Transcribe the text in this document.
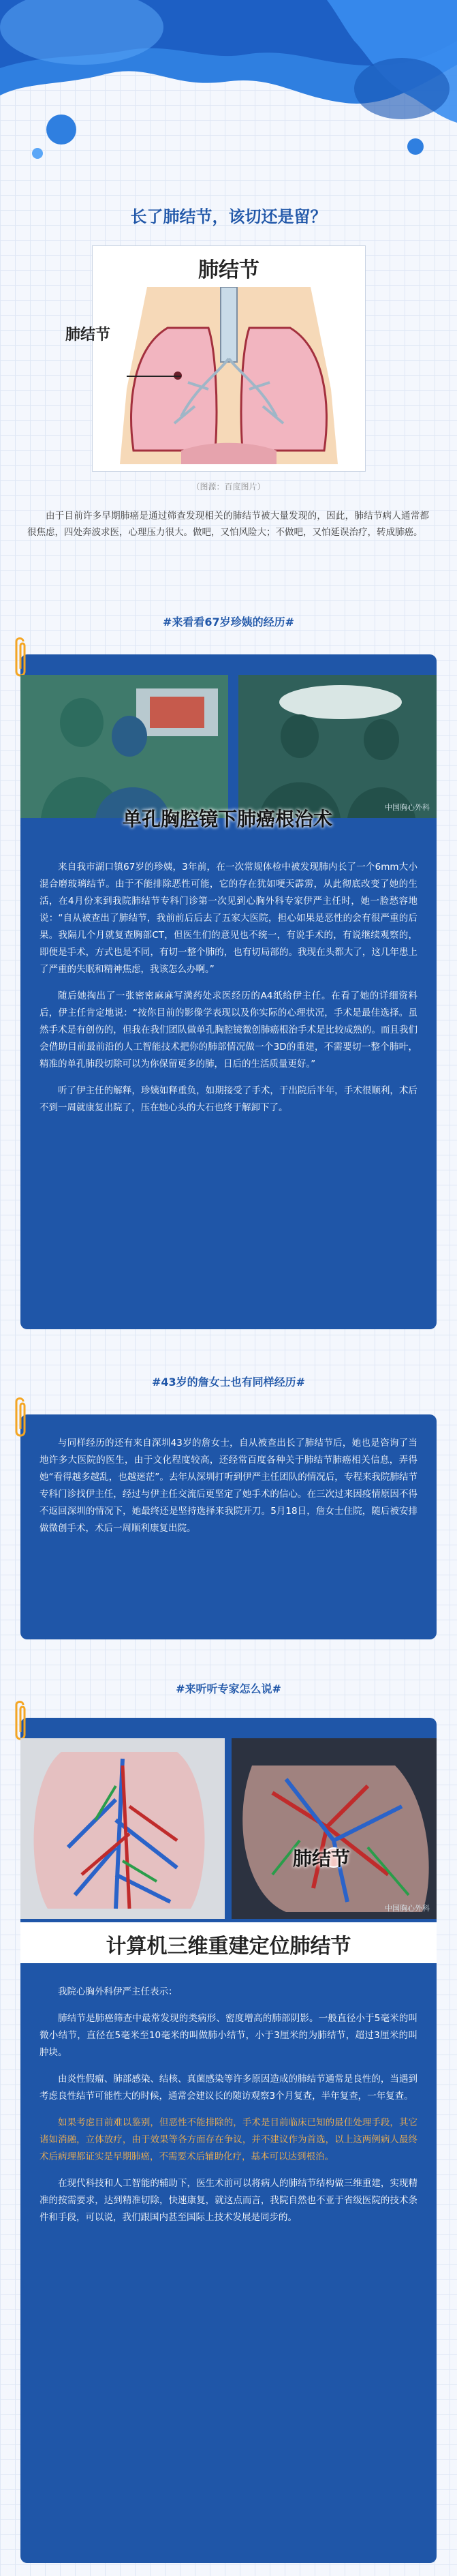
长了肺结节，该切还是留？
肺结节
肺结节
（图源：百度图片）
由于目前许多早期肺癌是通过筛查发现相关的肺结节被大量发现的，因此，肺结节病人通常都很焦虑，四处奔波求医，心理压力很大。做吧，又怕风险大；不做吧，又怕延误治疗，转成肺癌。
#来看看67岁珍姨的经历#
中国胸心外科
单孔胸腔镜下肺癌根治术

来自我市湖口镇67岁的珍姨，3年前，在一次常规体检中被发现肺内长了一个6mm大小混合磨玻璃结节。由于不能排除恶性可能，它的存在犹如哽天霹雳，从此彻底改变了她的生活，在4月份来到我院肺结节专科门诊第一次见到心胸外科专家伊严主任时，她一脸愁容地说：“自从被查出了肺结节，我前前后后去了五家大医院，担心如果是恶性的会有很严重的后果。我隔几个月就复查胸部CT，但医生们的意见也不统一，有说手术的，有说继续观察的，即便是手术，方式也是不同，有切一整个肺的，也有切局部的。我现在头都大了，这几年患上了严重的失眠和精神焦虑，我该怎么办啊。”

随后她掏出了一张密密麻麻写满药处求医经历的A4纸给伊主任。在看了她的详细资料后，伊主任肯定地说：“按你目前的影像学表现以及你实际的心理状况，手术是最佳选择。虽然手术是有创伤的，但我在我们团队做单孔胸腔镜微创肺癌根治手术是比较成熟的。而且我们会借助目前最前沿的人工智能技术把你的肺部情况做一个3D的重建，不需要切一整个肺叶，精准的单孔肺段切除可以为你保留更多的肺，日后的生活质量更好。”

听了伊主任的解释，珍姨如释重负，如期接受了手术，于出院后半年，手术很顺利，术后不到一周就康复出院了，压在她心头的大石也终于解卸下了。

#43岁的詹女士也有同样经历#

与同样经历的还有来自深圳43岁的詹女士，自从被查出长了肺结节后，她也是咨询了当地许多大医院的医生，由于文化程度较高，还经常百度各种关于肺结节肺癌相关信息，弄得她“看得越多越乱，也越迷茫”。去年从深圳打听到伊严主任团队的情况后，专程来我院肺结节专科门诊找伊主任，经过与伊主任交流后更坚定了她手术的信心。在三次过来因疫情原因不得不返回深圳的情况下，她最终还是坚持选择来我院开刀。5月18日，詹女士住院，随后被安排做微创手术，术后一周顺利康复出院。

#来听听专家怎么说#
中国胸心外科
肺结节
计算机三维重建定位肺结节

我院心胸外科伊严主任表示：

肺结节是肺癌筛查中最常发现的类病形、密度增高的肺部阴影。一般直径小于5毫米的叫微小结节，直径在5毫米至10毫米的叫做肺小结节，小于3厘米的为肺结节，超过3厘米的叫肿块。

由炎性假瘤、肺部感染、结核、真菌感染等许多原因造成的肺结节通常是良性的，当遇到考虑良性结节可能性大的时候，通常会建议长的随访观察3个月复查，半年复查，一年复查。

如果考虑目前难以鉴别，但恶性不能排除的，手术是目前临床已知的最佳处理手段，其它诸如消融，立体放疗，由于效果等各方面存在争议，并不建议作为首选，以上这两例病人最终术后病理都证实是早期肺癌，不需要术后辅助化疗，基本可以达到根治。

在现代科技和人工智能的辅助下，医生术前可以将病人的肺结节结构做三维重建，实现精准的按需要求，达到精准切除，快速康复，就这点而言，我院自然也不亚于省级医院的技术条件和手段，可以说，我们跟国内甚至国际上技术发展是同步的。
